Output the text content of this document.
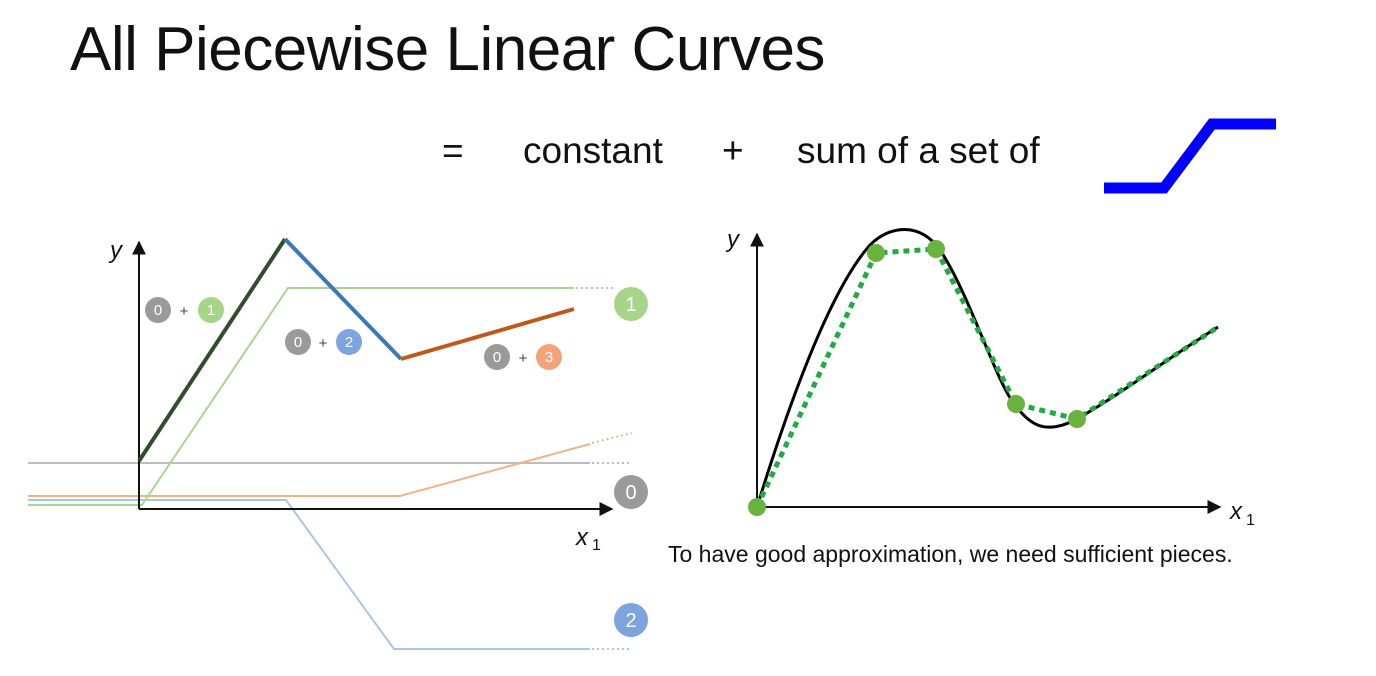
All Piecewise Linear Curves
= constant + sum of a set of
y
x 1
0 + 1
0 + 2
0 + 3
1
0
2
y
x 1
To have good approximation, we need sufficient pieces.
